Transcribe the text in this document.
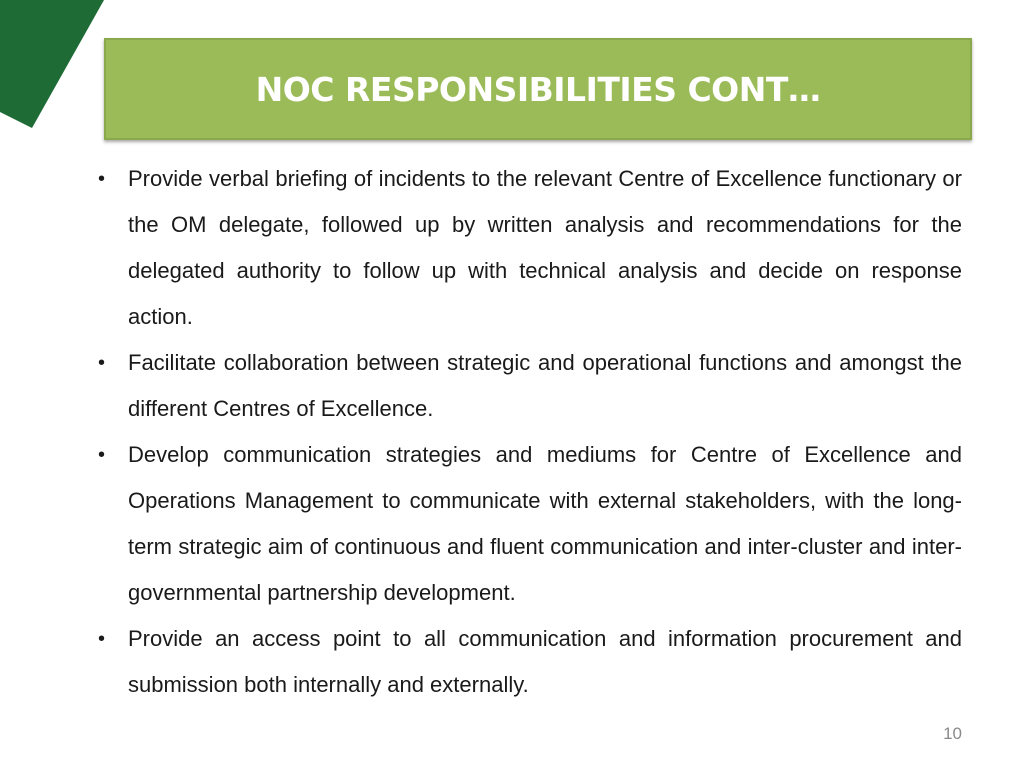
NOC RESPONSIBILITIES CONT…
• Provide verbal briefing of incidents to the relevant Centre of Excellence functionary or the OM delegate, followed up by written analysis and recommendations for the delegated authority to follow up with technical analysis and decide on response action.
• Facilitate collaboration between strategic and operational functions and amongst the different Centres of Excellence.
• Develop communication strategies and mediums for Centre of Excellence and Operations Management to communicate with external stakeholders, with the long-term strategic aim of continuous and fluent communication and inter-cluster and inter-governmental partnership development.
• Provide an access point to all communication and information procurement and submission both internally and externally.
10
